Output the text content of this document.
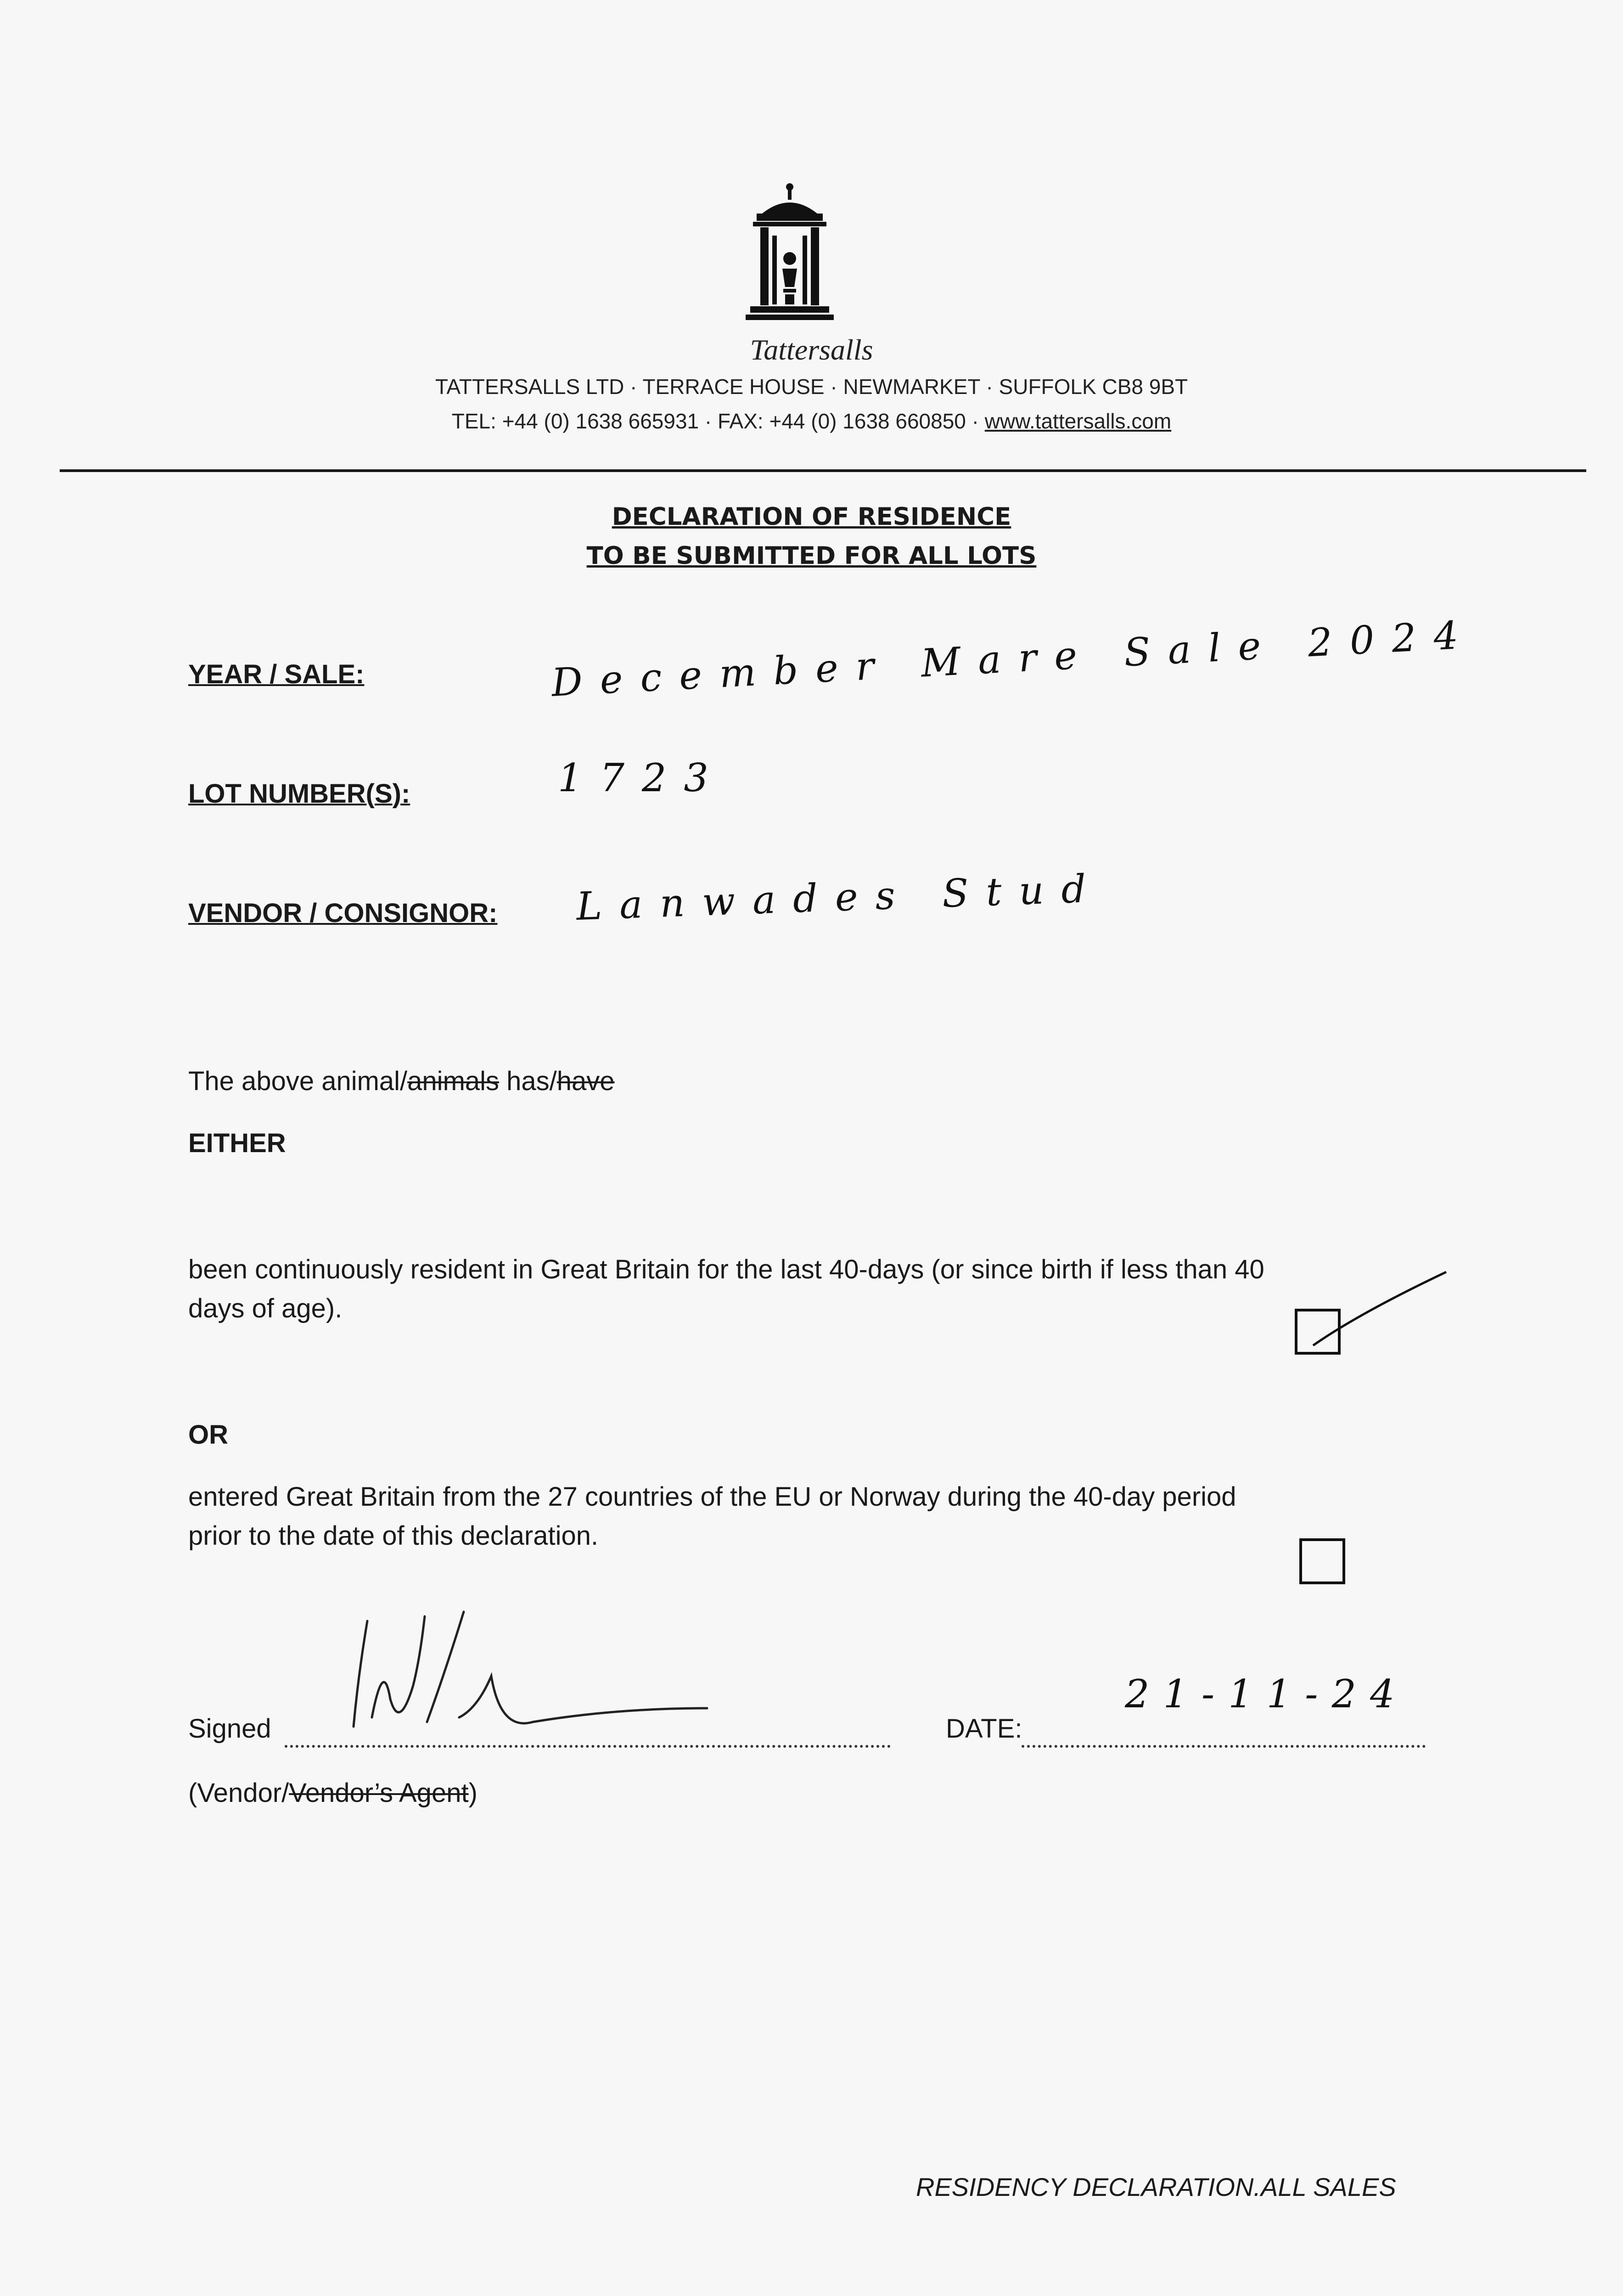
Tattersalls
TATTERSALLS LTD · TERRACE HOUSE · NEWMARKET · SUFFOLK CB8 9BT
TEL: +44 (0) 1638 665931 · FAX: +44 (0) 1638 660850 · www.tattersalls.com
DECLARATION OF RESIDENCE
TO BE SUBMITTED FOR ALL LOTS
YEAR / SALE:	December Mare Sale 2024
LOT NUMBER(S):	1723
VENDOR / CONSIGNOR: Lanwades Stud
The above animal/animals has/have
EITHER
been continuously resident in Great Britain for the last 40-days (or since birth if less than 40
days of age).
OR
entered Great Britain from the 27 countries of the EU or Norway during the 40-day period
prior to the date of this declaration.
Signed	DATE:
21-11-24
(Vendor/Vendor’s Agent)
RESIDENCY DECLARATION.ALL SALES
